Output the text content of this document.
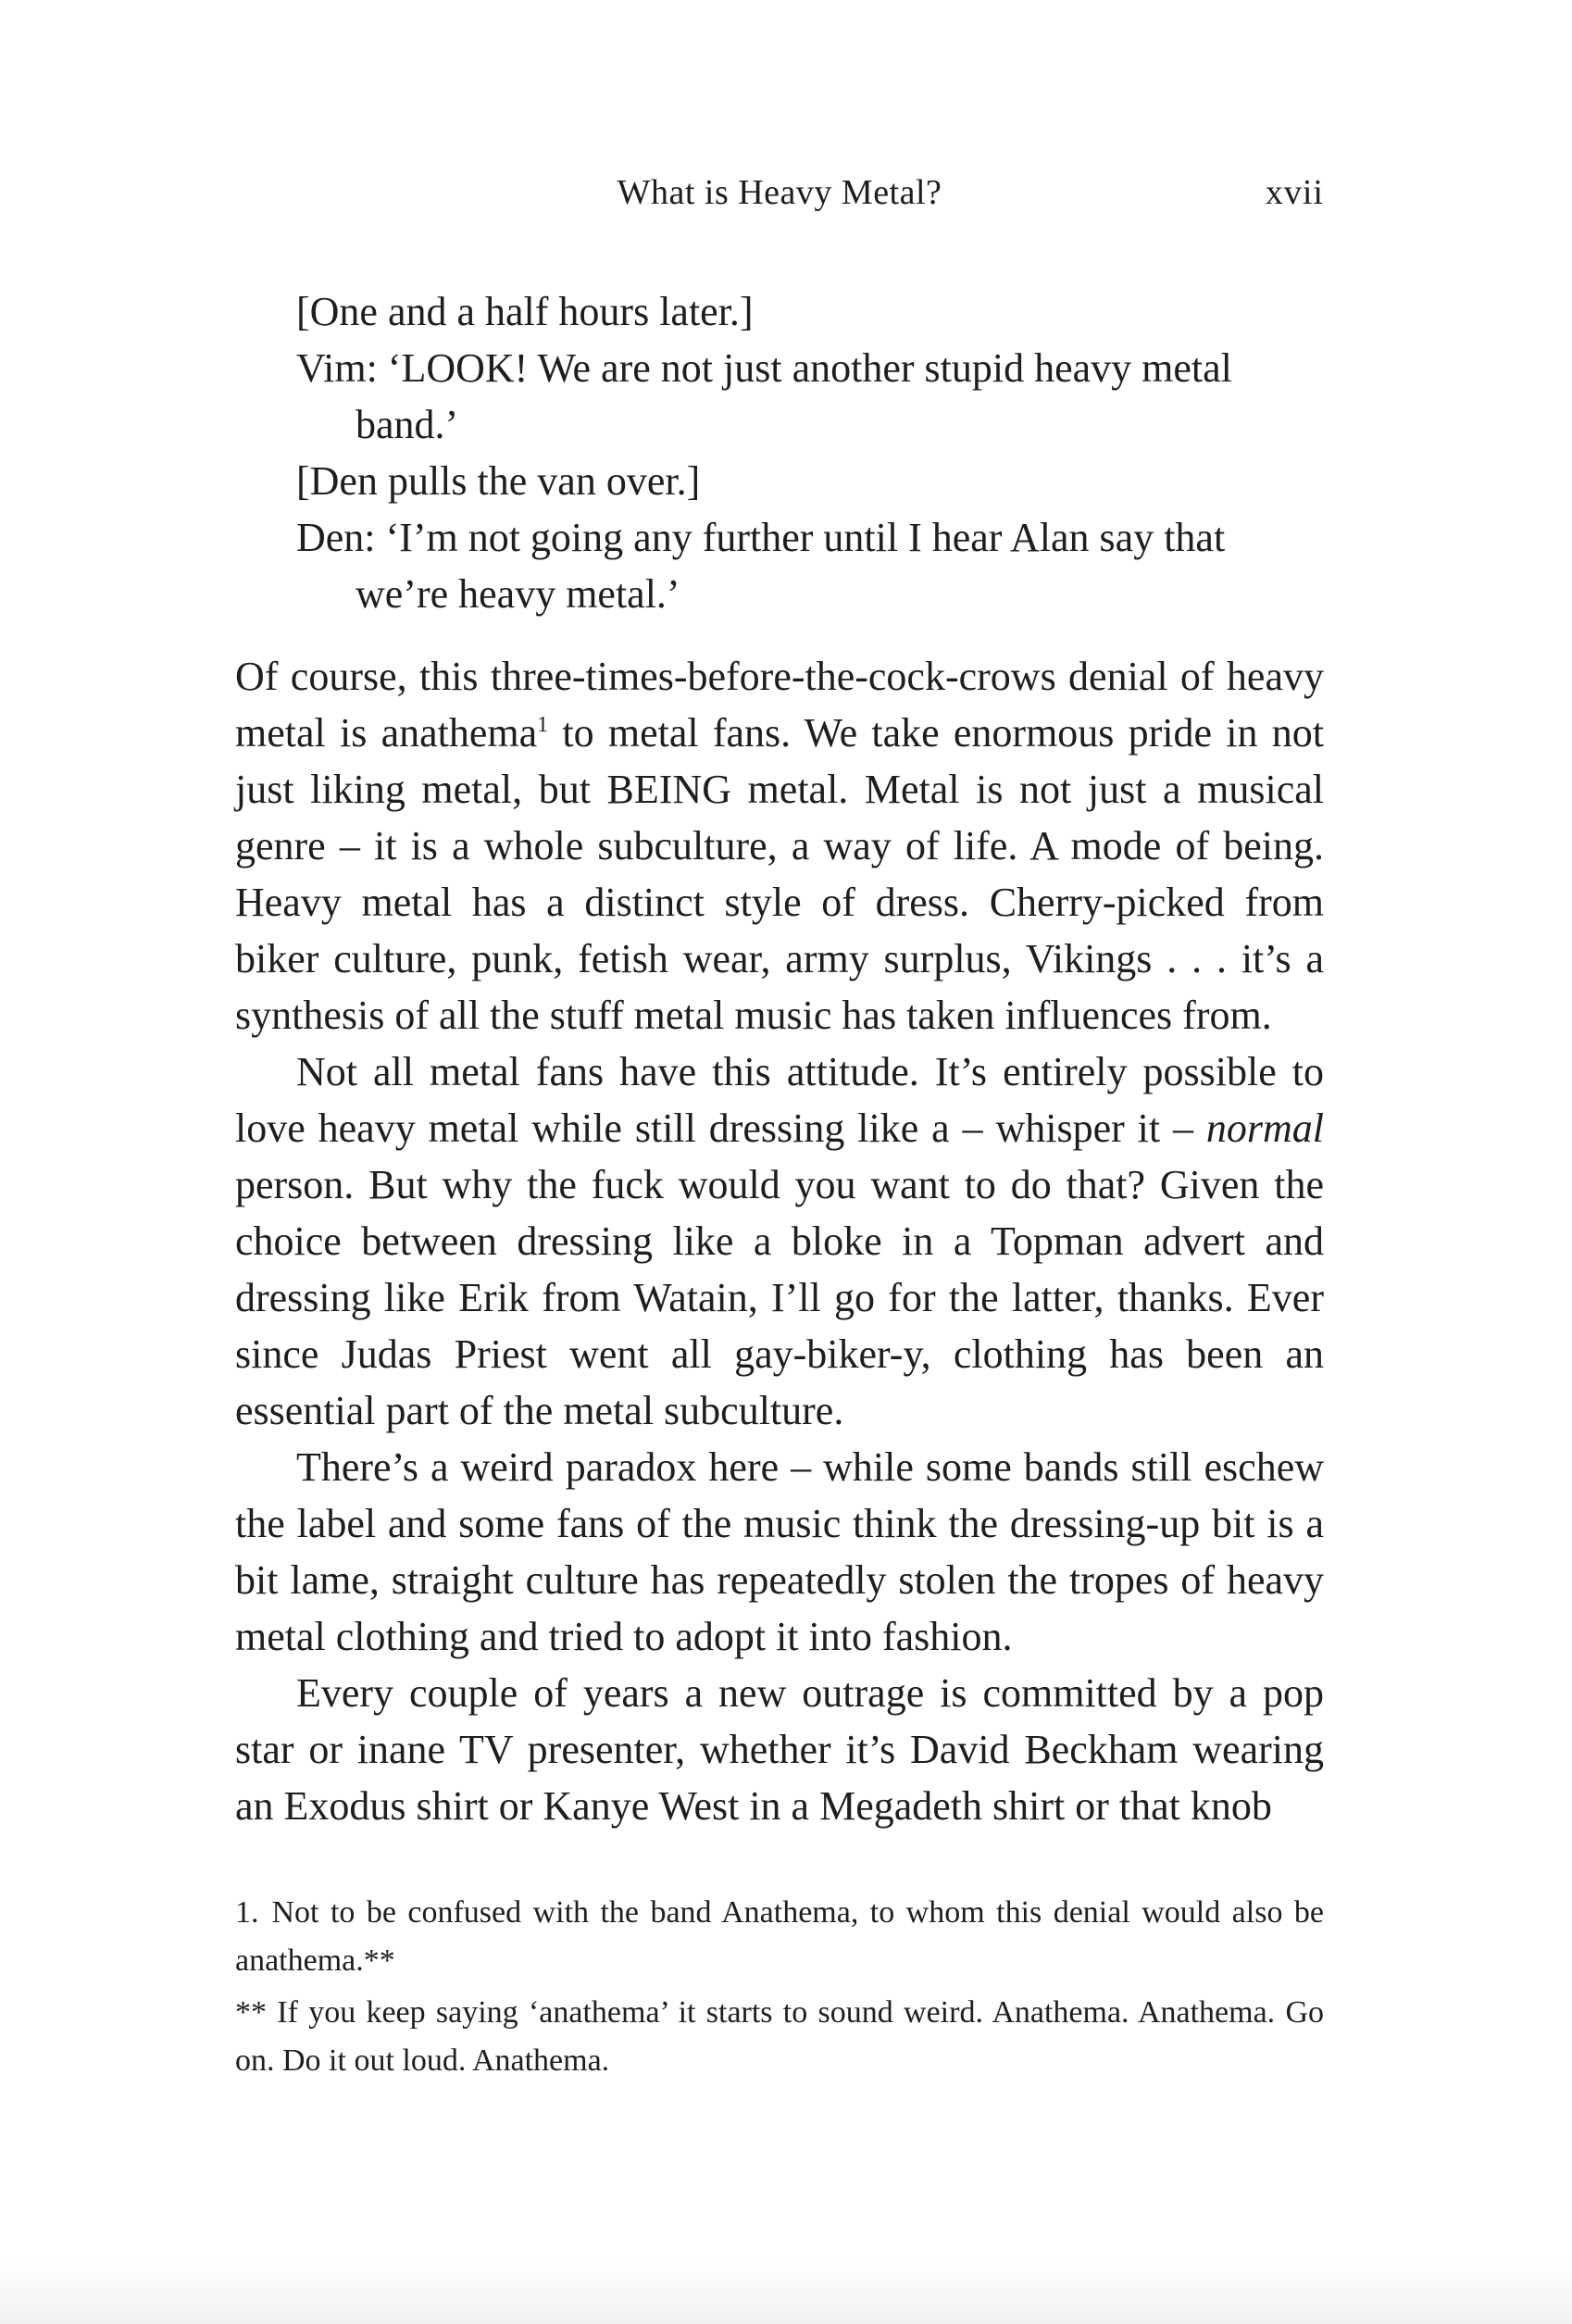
What is Heavy Metal?	xvii

[One and a half hours later.]

Vim: ‘LOOK! We are not just another stupid heavy metal band.’

[Den pulls the van over.]

Den: ‘I’m not going any further until I hear Alan say that we’re heavy metal.’

Of course, this three-times-before-the-cock-crows denial of heavy metal is anathema$^1$ to metal fans. We take enormous pride in not just liking metal, but BEING metal. Metal is not just a musical genre – it is a whole subculture, a way of life. A mode of being. Heavy metal has a distinct style of dress. Cherry-picked from biker culture, punk, fetish wear, army surplus, Vikings . . . it’s a synthesis of all the stuff metal music has taken influences from.

Not all metal fans have this attitude. It’s entirely possible to love heavy metal while still dressing like a – whisper it – normal person. But why the fuck would you want to do that? Given the choice between dressing like a bloke in a Topman advert and dressing like Erik from Watain, I’ll go for the latter, thanks. Ever since Judas Priest went all gay-biker-y, clothing has been an essential part of the metal subculture.

There’s a weird paradox here – while some bands still eschew the label and some fans of the music think the dressing-up bit is a bit lame, straight culture has repeatedly stolen the tropes of heavy metal clothing and tried to adopt it into fashion.

Every couple of years a new outrage is committed by a pop star or inane TV presenter, whether it’s David Beckham wearing an Exodus shirt or Kanye West in a Megadeth shirt or that knob

1. Not to be confused with the band Anathema, to whom this denial would also be anathema.**

** If you keep saying ‘anathema’ it starts to sound weird. Anathema. Anathema. Go on. Do it out loud. Anathema.
